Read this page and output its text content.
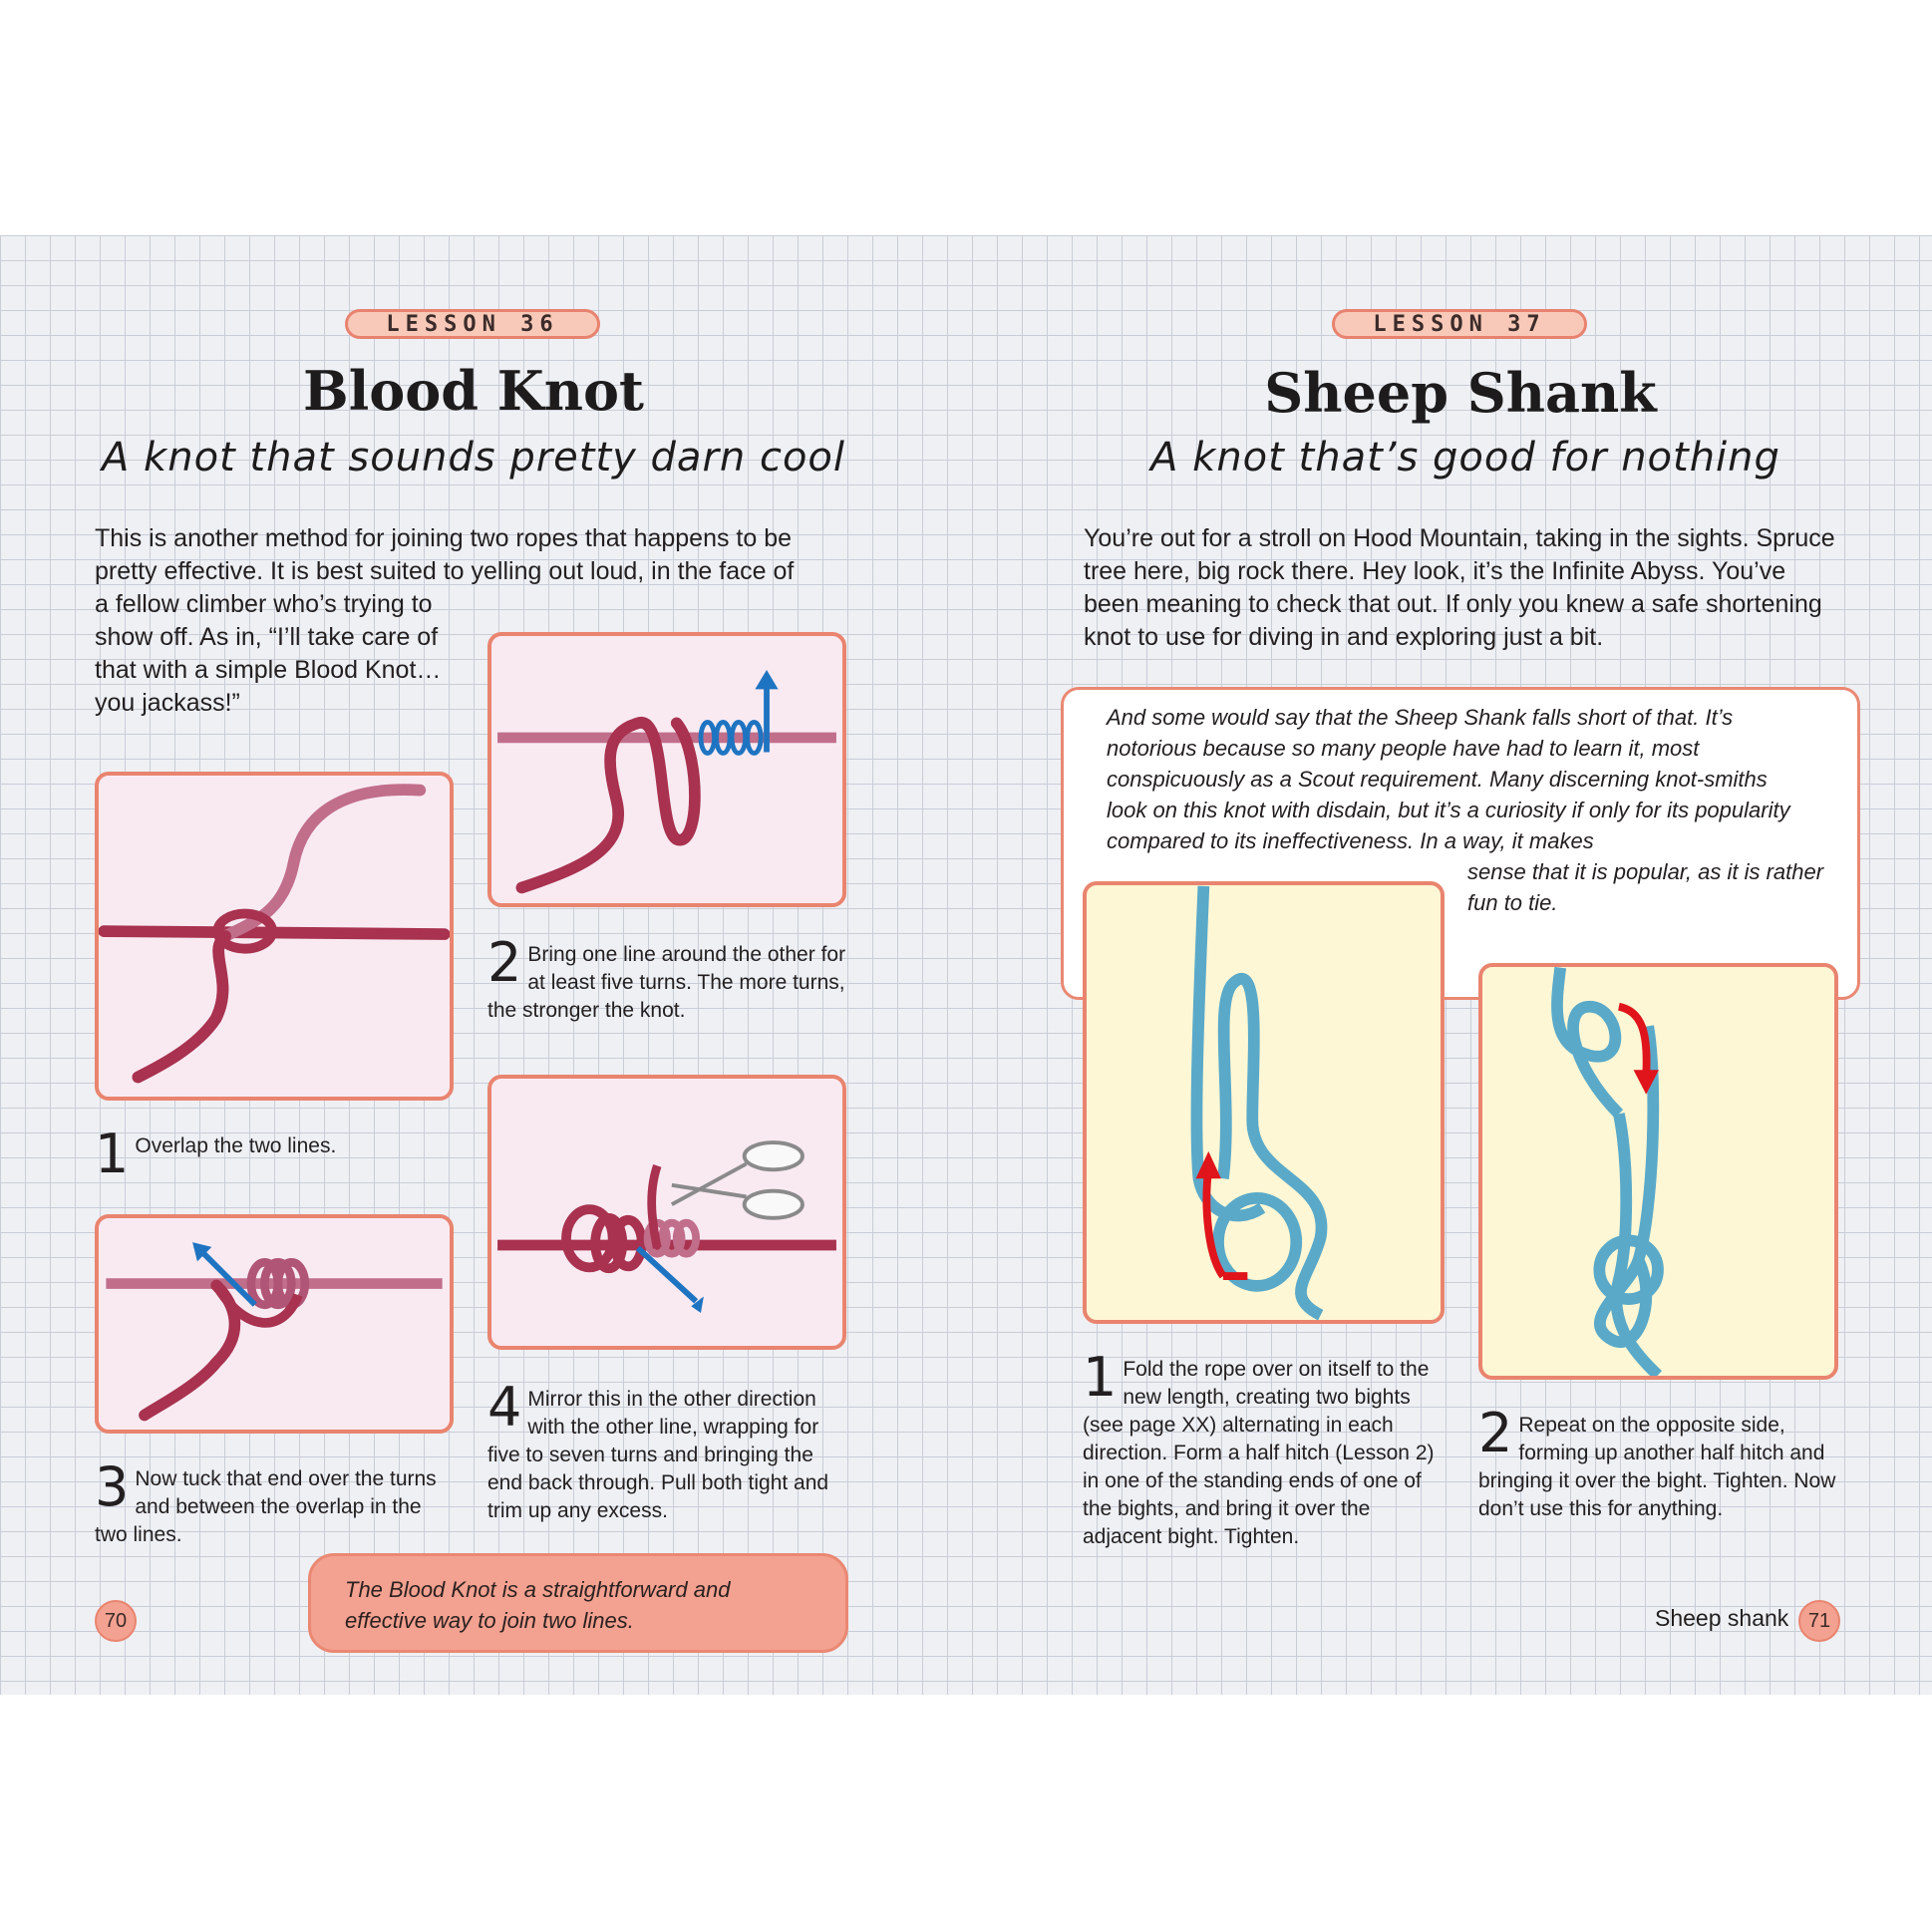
LESSON 36
Blood Knot
A knot that sounds pretty darn cool
This is another method for joining two ropes that happens to be
pretty effective. It is best suited to yelling out loud, in the face of
a fellow climber who’s trying to show off. As in, “I’ll take care of that with a simple Blood Knot…you jackass!”
1 Overlap the two lines.
2 Bring one line around the other for at least five turns. The more turns, the stronger the knot.
3 Now tuck that end over the turns and between the overlap in the two lines.
4 Mirror this in the other direction with the other line, wrapping for five to seven turns and bringing the end back through. Pull both tight and trim up any excess.
The Blood Knot is a straightforward and effective way to join two lines.
70
LESSON 37
Sheep Shank
A knot that’s good for nothing
You’re out for a stroll on Hood Mountain, taking in the sights. Spruce tree here, big rock there. Hey look, it’s the Infinite Abyss. You’ve been meaning to check that out. If only you knew a safe shortening knot to use for diving in and exploring just a bit.
And some would say that the Sheep Shank falls short of that. It’s notorious because so many people have had to learn it, most conspicuously as a Scout requirement. Many discerning knot-smiths look on this knot with disdain, but it’s a curiosity if only for its popularity compared to its ineffectiveness. In a way, it makes
sense that it is popular, as it is rather fun to tie.
1 Fold the rope over on itself to the new length, creating two bights (see page XX) alternating in each direction. Form a half hitch (Lesson 2) in one of the standing ends of one of the bights, and bring it over the adjacent bight. Tighten.
2 Repeat on the opposite side, forming up another half hitch and bringing it over the bight. Tighten. Now don’t use this for anything.
Sheep shank 71
